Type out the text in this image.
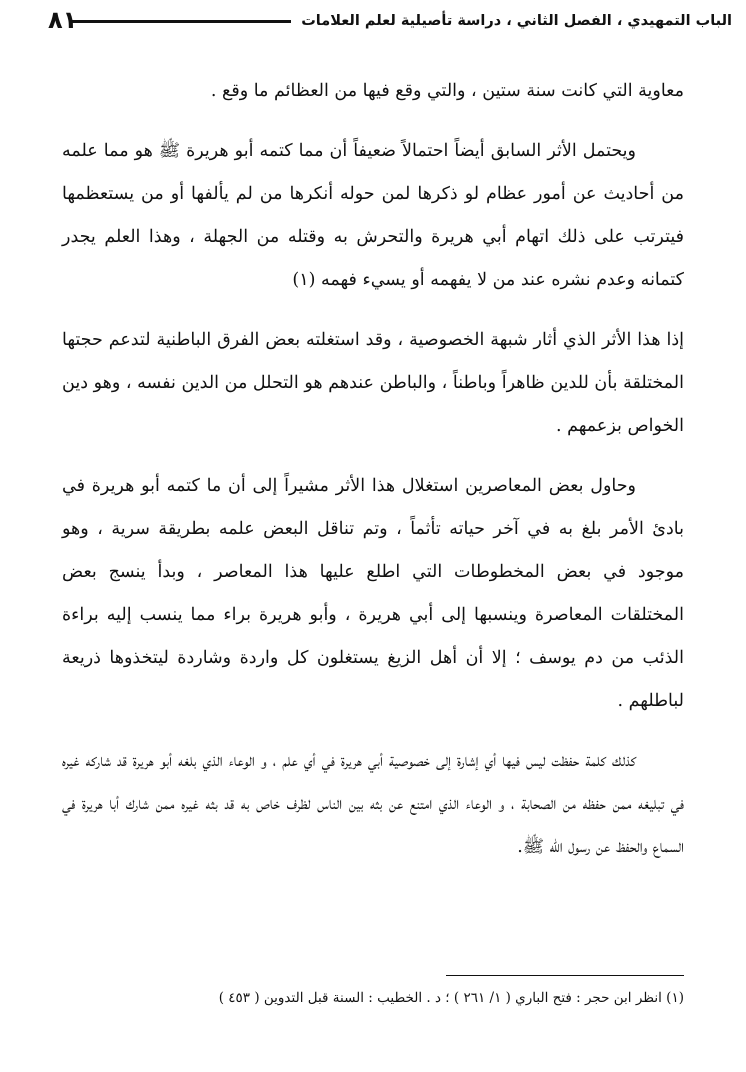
الباب التمهيدي ، الفصل الثاني ، دراسة تأصيلية لعلم العلامات
٨١

معاوية التي كانت سنة ستين ، والتي وقع فيها من العظائم ما وقع .

ويحتمل الأثر السابق أيضاً احتمالاً ضعيفاً أن مما كتمه أبو هريرة ﷺ هو مما علمه من أحاديث عن أمور عظام لو ذكرها لمن حوله أنكرها من لم يألفها أو من يستعظمها فيترتب على ذلك اتهام أبي هريرة والتحرش به وقتله من الجهلة ، وهذا العلم يجدر كتمانه وعدم نشره عند من لا يفهمه أو يسيء فهمه (١)

إذا هذا الأثر الذي أثار شبهة الخصوصية ، وقد استغلته بعض الفرق الباطنية لتدعم حجتها المختلقة بأن للدين ظاهراً وباطناً ، والباطن عندهم هو التحلل من الدين نفسه ، وهو دين الخواص بزعمهم .

وحاول بعض المعاصرين استغلال هذا الأثر مشيراً إلى أن ما كتمه أبو هريرة في بادئ الأمر بلغ به في آخر حياته تأثماً ، وتم تناقل البعض علمه بطريقة سرية ، وهو موجود في بعض المخطوطات التي اطلع عليها هذا المعاصر ، وبدأ ينسج بعض المختلقات المعاصرة وينسبها إلى أبي هريرة ، وأبو هريرة براء مما ينسب إليه براءة الذئب من دم يوسف ؛ إلا أن أهل الزيغ يستغلون كل واردة وشاردة ليتخذوها ذريعة لباطلهم .

كذلك كلمة حفظت ليس فيها أي إشارة إلى خصوصية أبي هريرة في أي علم ، و الوعاء الذي بلغه أبو هريرة قد شاركه غيره في تبليغه ممن حفظه من الصحابة ، و الوعاء الذي امتنع عن بثه بين الناس لظرف خاص به قد بثه غيره ممن شارك أبا هريرة في السماع والحفظ عن رسول الله ﷺ.

(١) انظر ابن حجر : فتح الباري ( ١/ ٢٦١ ) ؛ د . الخطيب : السنة قبل التدوين ( ٤٥٣ )
